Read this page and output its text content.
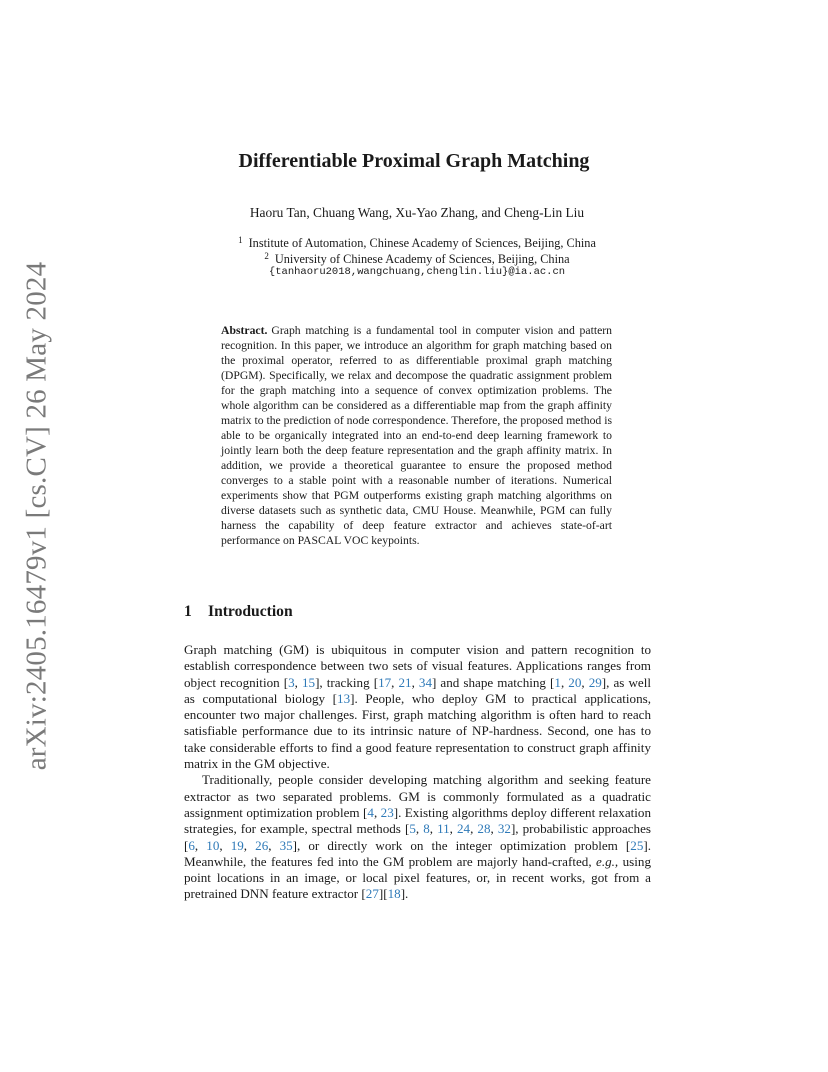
arXiv:2405.16479v1 [cs.CV] 26 May 2024
Differentiable Proximal Graph Matching

Haoru Tan, Chuang Wang, Xu-Yao Zhang, and Cheng-Lin Liu

$^1$ Institute of Automation, Chinese Academy of Sciences, Beijing, China

$^2$ University of Chinese Academy of Sciences, Beijing, China

{tanhaoru2018,wangchuang,chenglin.liu}@ia.ac.cn

Abstract. Graph matching is a fundamental tool in computer vision and pattern recognition. In this paper, we introduce an algorithm for graph matching based on the proximal operator, referred to as differentiable proximal graph matching (DPGM). Specifically, we relax and decompose the quadratic assignment problem for the graph matching into a sequence of convex optimization problems. The whole algorithm can be considered as a differentiable map from the graph affinity matrix to the prediction of node correspondence. Therefore, the proposed method is able to be organically integrated into an end-to-end deep learning framework to jointly learn both the deep feature representation and the graph affinity matrix. In addition, we provide a theoretical guarantee to ensure the proposed method converges to a stable point with a reasonable number of iterations. Numerical experiments show that PGM outperforms existing graph matching algorithms on diverse datasets such as synthetic data, CMU House. Meanwhile, PGM can fully harness the capability of deep feature extractor and achieves state-of-art performance on PASCAL VOC keypoints.

1 Introduction

Graph matching (GM) is ubiquitous in computer vision and pattern recognition to establish correspondence between two sets of visual features. Applications ranges from object recognition [3, 15], tracking [17, 21, 34] and shape matching [1, 20, 29], as well as computational biology [13]. People, who deploy GM to practical applications, encounter two major challenges. First, graph matching algorithm is often hard to reach satisfiable performance due to its intrinsic nature of NP-hardness. Second, one has to take considerable efforts to find a good feature representation to construct graph affinity matrix in the GM objective.

Traditionally, people consider developing matching algorithm and seeking feature extractor as two separated problems. GM is commonly formulated as a quadratic assignment optimization problem [4, 23]. Existing algorithms deploy different relaxation strategies, for example, spectral methods [5, 8, 11, 24, 28, 32], probabilistic approaches [6, 10, 19, 26, 35], or directly work on the integer optimization problem [25]. Meanwhile, the features fed into the GM problem are majorly hand-crafted, e.g., using point locations in an image, or local pixel features, or, in recent works, got from a pretrained DNN feature extractor [27][18].
